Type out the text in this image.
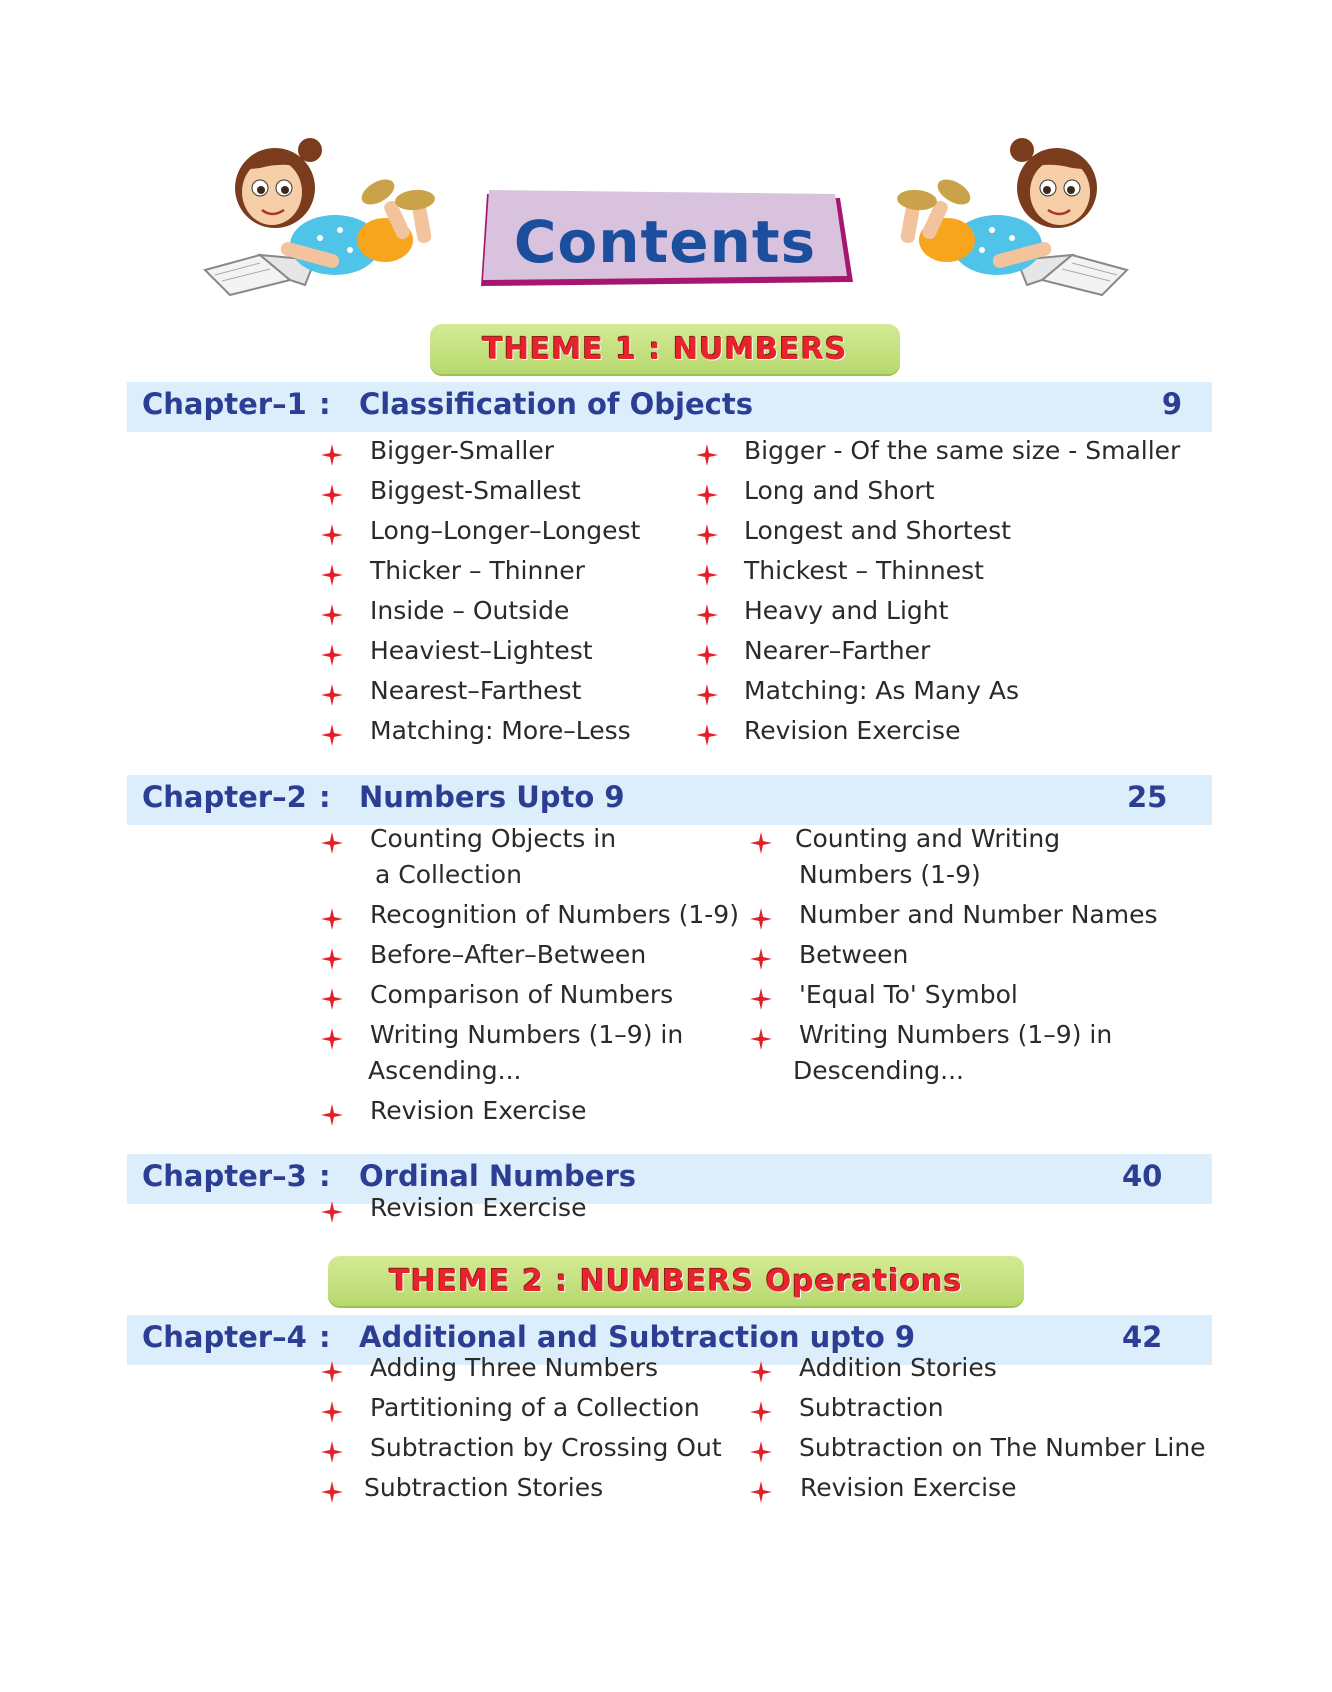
Contents
THEME 1 : NUMBERS
Chapter–1 : Classification of Objects	9
Chapter–2 : Numbers Upto 9	25
Chapter–3 : Ordinal Numbers	40
THEME 2 : NUMBERS Operations
Chapter–4 : Additional and Subtraction upto 9	42
Bigger-Smaller
Biggest-Smallest
Long–Longer–Longest
Thicker – Thinner
Inside – Outside
Heaviest–Lightest
Nearest–Farthest
Matching: More–Less
Bigger - Of the same size - Smaller
Long and Short
Longest and Shortest
Thickest – Thinnest
Heavy and Light
Nearer–Farther
Matching: As Many As
Revision Exercise
Counting Objects in
a Collection
Recognition of Numbers (1-9)
Before–After–Between
Comparison of Numbers
Writing Numbers (1–9) in
Ascending...
Revision Exercise
Counting and Writing
Numbers (1-9)
Number and Number Names
Between
'Equal To' Symbol
Writing Numbers (1–9) in
Descending...
Revision Exercise
Adding Three Numbers
Partitioning of a Collection
Subtraction by Crossing Out
Subtraction Stories
Addition Stories
Subtraction
Subtraction on The Number Line
Revision Exercise
